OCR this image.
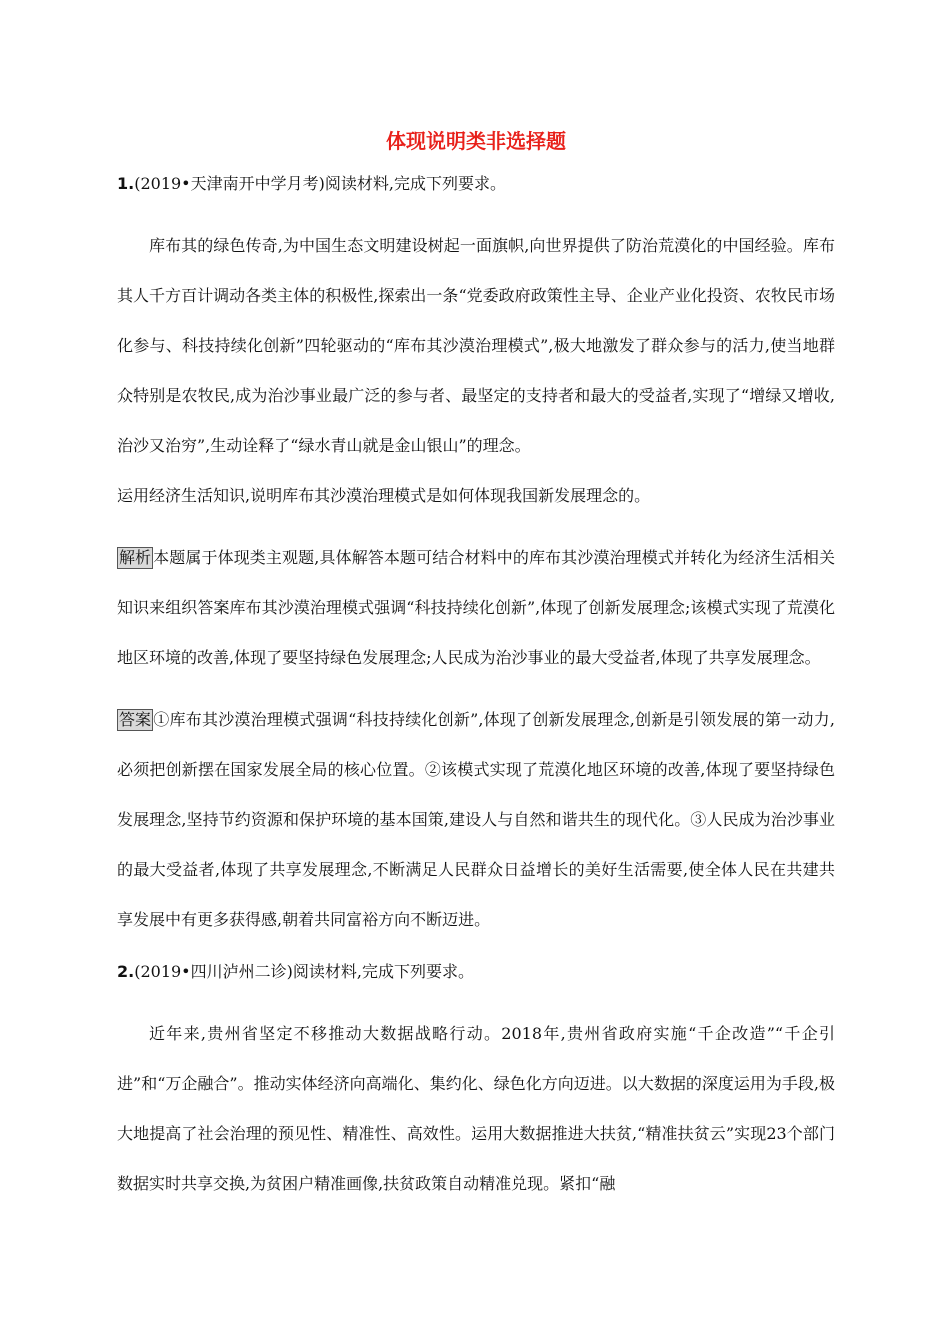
体现说明类非选择题

1.(2019•天津南开中学月考)阅读材料,完成下列要求。

库布其的绿色传奇,为中国生态文明建设树起一面旗帜,向世界提供了防治荒漠化的中国经验。库布其人千方百计调动各类主体的积极性,探索出一条“党委政府政策性主导、企业产业化投资、农牧民市场化参与、科技持续化创新”四轮驱动的“库布其沙漠治理模式”,极大地激发了群众参与的活力,使当地群众特别是农牧民,成为治沙事业最广泛的参与者、最坚定的支持者和最大的受益者,实现了“增绿又增收,治沙又治穷”,生动诠释了“绿水青山就是金山银山”的理念。

运用经济生活知识,说明库布其沙漠治理模式是如何体现我国新发展理念的。

解析 本题属于体现类主观题,具体解答本题可结合材料中的库布其沙漠治理模式并转化为经济生活相关知识来组织答案库布其沙漠治理模式强调“科技持续化创新”,体现了创新发展理念;该模式实现了荒漠化地区环境的改善,体现了要坚持绿色发展理念;人民成为治沙事业的最大受益者,体现了共享发展理念。

答案 ①库布其沙漠治理模式强调“科技持续化创新”,体现了创新发展理念,创新是引领发展的第一动力,必须把创新摆在国家发展全局的核心位置。②该模式实现了荒漠化地区环境的改善,体现了要坚持绿色发展理念,坚持节约资源和保护环境的基本国策,建设人与自然和谐共生的现代化。③人民成为治沙事业的最大受益者,体现了共享发展理念,不断满足人民群众日益增长的美好生活需要,使全体人民在共建共享发展中有更多获得感,朝着共同富裕方向不断迈进。

2.(2019•四川泸州二诊)阅读材料,完成下列要求。

近年来,贵州省坚定不移推动大数据战略行动。2018年,贵州省政府实施“千企改造”“千企引进”和“万企融合”。推动实体经济向高端化、集约化、绿色化方向迈进。以大数据的深度运用为手段,极大地提高了社会治理的预见性、精准性、高效性。运用大数据推进大扶贫,“精准扶贫云”实现23个部门数据实时共享交换,为贫困户精准画像,扶贫政策自动精准兑现。紧扣“融
